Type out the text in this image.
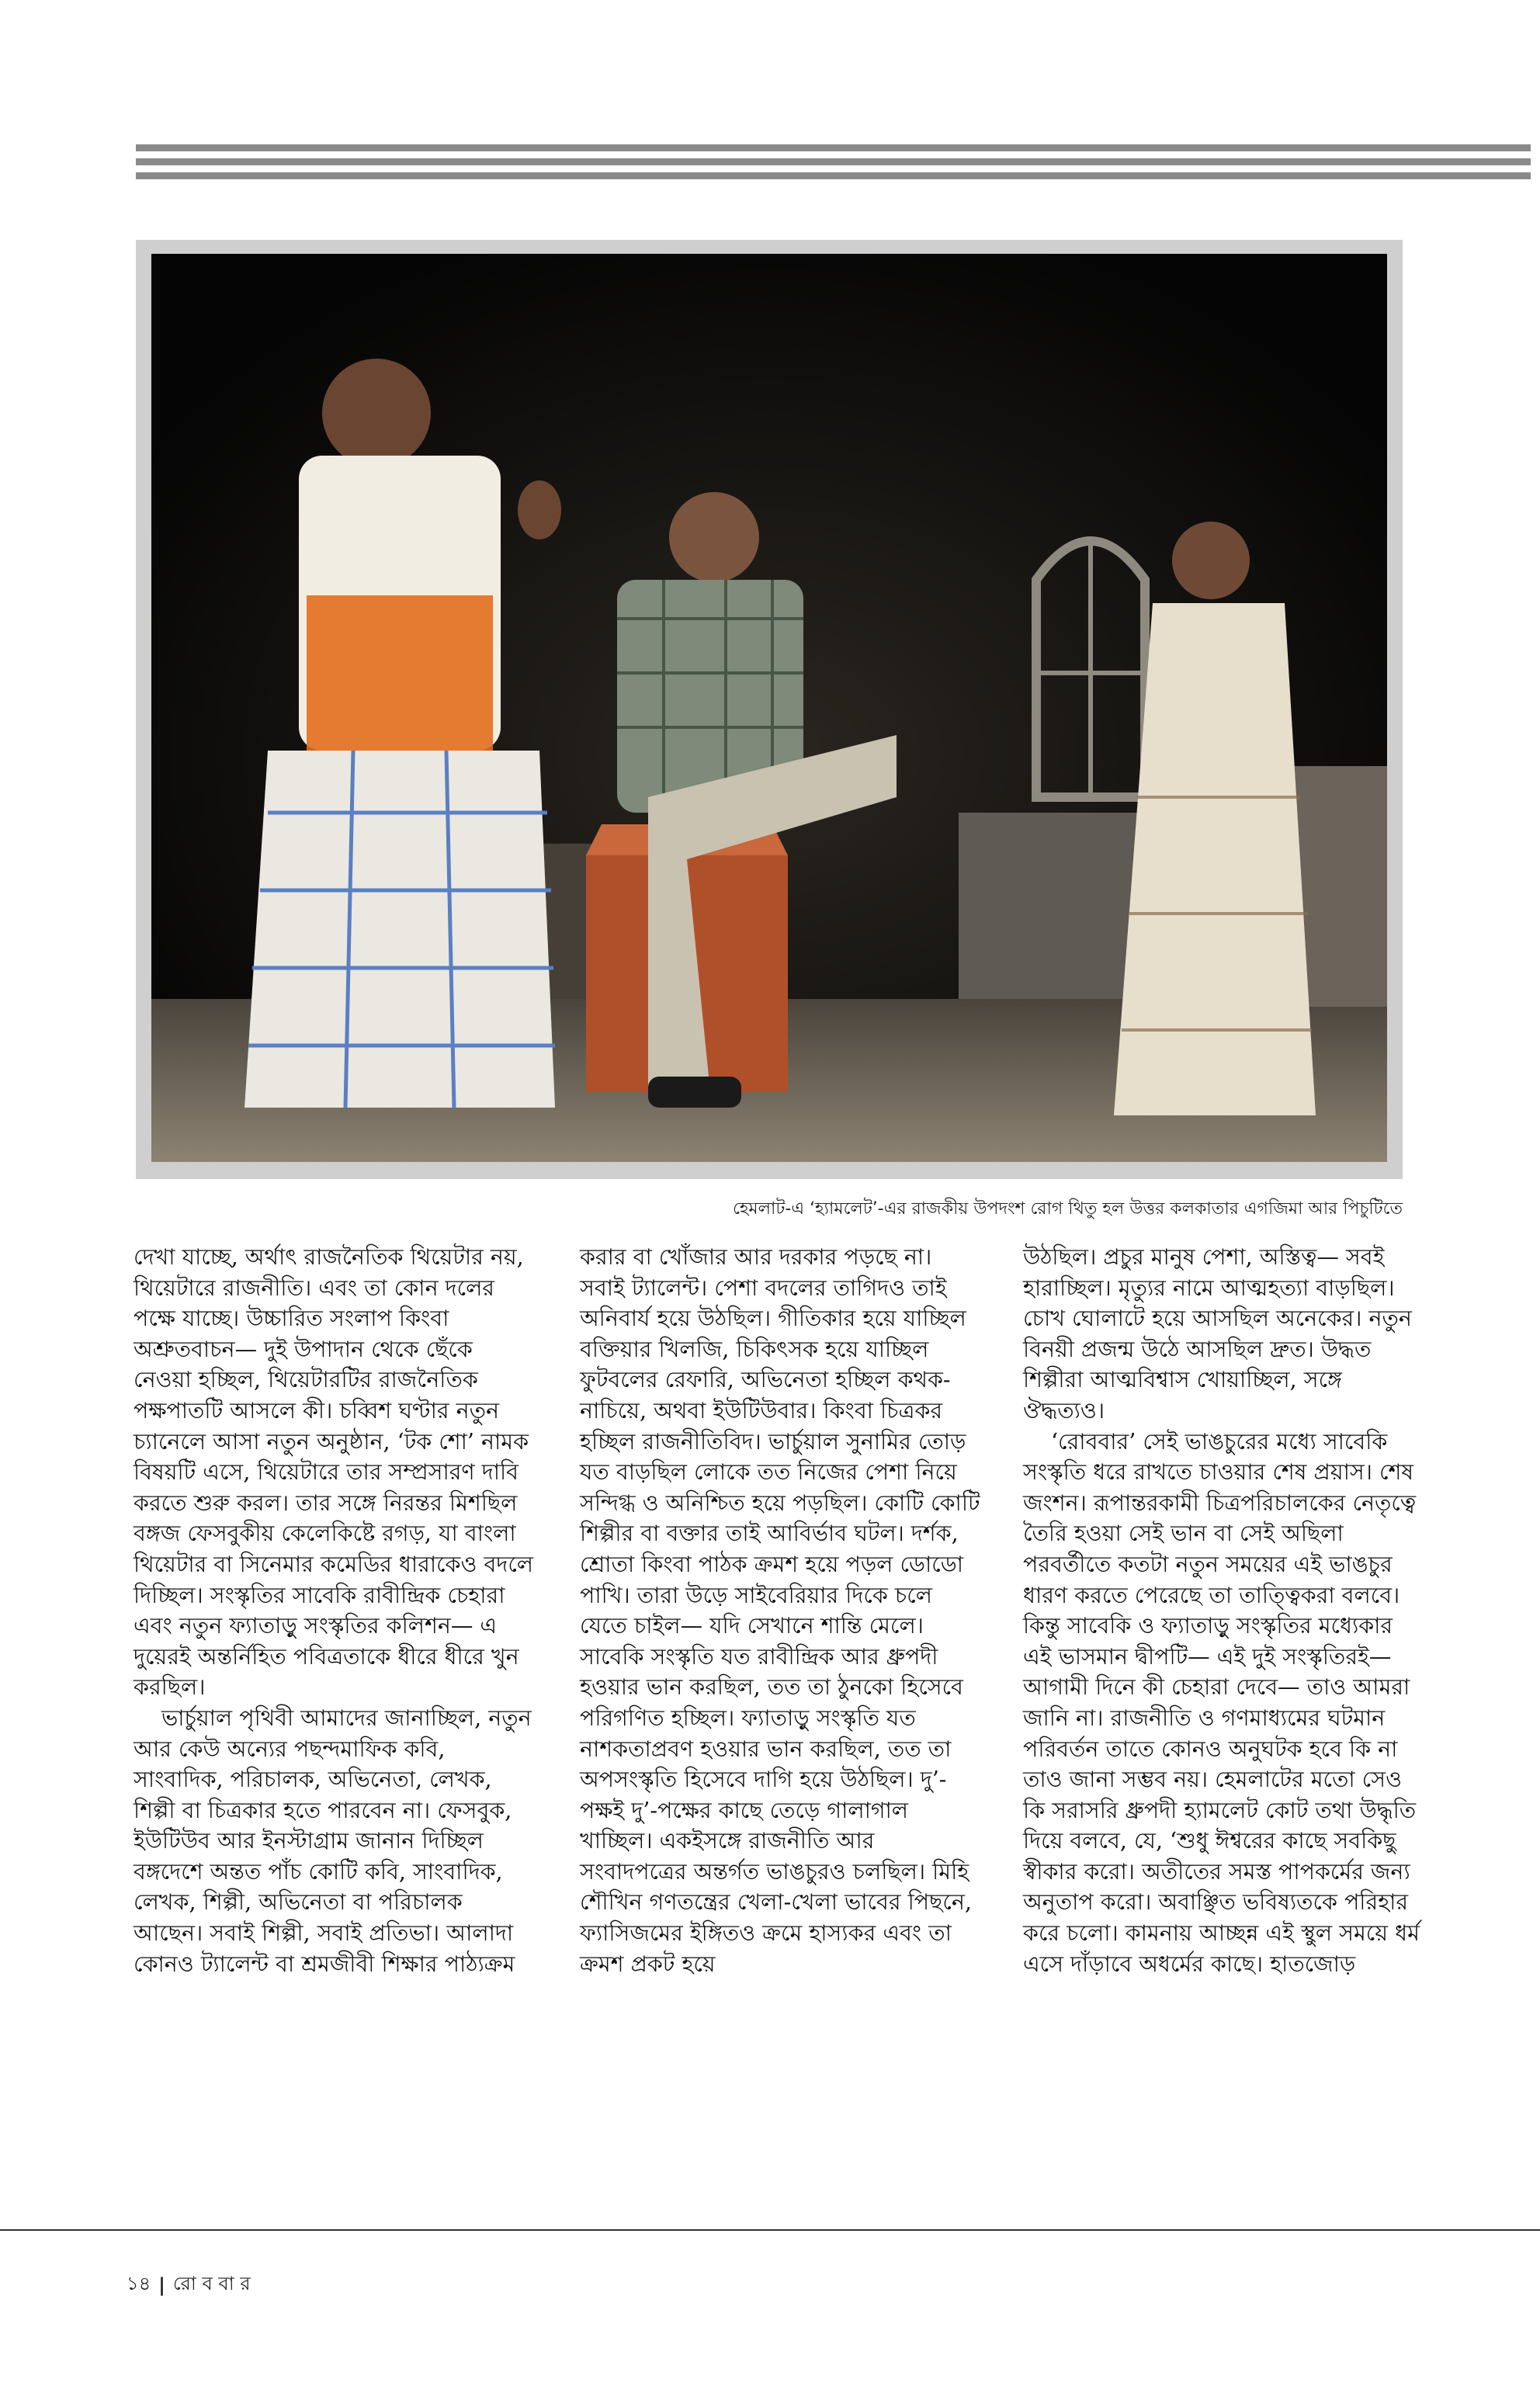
হেমলাট-এ ‘হ্যামলেট’-এর রাজকীয় উপদংশ রোগ থিতু হল উত্তর কলকাতার এগজিমা আর পিচুটিতে

দেখা যাচ্ছে, অর্থাৎ রাজনৈতিক থিয়েটার নয়, থিয়েটারে রাজনীতি। এবং তা কোন দলের পক্ষে যাচ্ছে। উচ্চারিত সংলাপ কিংবা অশ্রুতবাচন— দুই উপাদান থেকে ছেঁকে নেওয়া হচ্ছিল, থিয়েটারটির রাজনৈতিক পক্ষপাতটি আসলে কী। চব্বিশ ঘণ্টার নতুন চ্যানেলে আসা নতুন অনুষ্ঠান, ‘টক শো’ নামক বিষয়টি এসে, থিয়েটারে তার সম্প্রসারণ দাবি করতে শুরু করল। তার সঙ্গে নিরন্তর মিশছিল বঙ্গজ ফেসবুকীয় কেলেকিষ্টে রগড়, যা বাংলা থিয়েটার বা সিনেমার কমেডির ধারাকেও বদলে দিচ্ছিল। সংস্কৃতির সাবেকি রাবীন্দ্রিক চেহারা এবং নতুন ফ্যাতাড়ু সংস্কৃতির কলিশন— এ দুয়েরই অন্তর্নিহিত পবিত্রতাকে ধীরে ধীরে খুন করছিল।

ভার্চুয়াল পৃথিবী আমাদের জানাচ্ছিল, নতুন আর কেউ অন্যের পছন্দমাফিক কবি, সাংবাদিক, পরিচালক, অভিনেতা, লেখক, শিল্পী বা চিত্রকার হতে পারবেন না। ফেসবুক, ইউটিউব আর ইনস্টাগ্রাম জানান দিচ্ছিল বঙ্গদেশে অন্তত পাঁচ কোটি কবি, সাংবাদিক, লেখক, শিল্পী, অভিনেতা বা পরিচালক আছেন। সবাই শিল্পী, সবাই প্রতিভা। আলাদা কোনও ট্যালেন্ট বা শ্রমজীবী শিক্ষার পাঠ্যক্রম

করার বা খোঁজার আর দরকার পড়ছে না। সবাই ট্যালেন্ট। পেশা বদলের তাগিদও তাই অনিবার্য হয়ে উঠছিল। গীতিকার হয়ে যাচ্ছিল বক্তিয়ার খিলজি, চিকিৎসক হয়ে যাচ্ছিল ফুটবলের রেফারি, অভিনেতা হচ্ছিল কথক-নাচিয়ে, অথবা ইউটিউবার। কিংবা চিত্রকর হচ্ছিল রাজনীতিবিদ। ভার্চুয়াল সুনামির তোড় যত বাড়ছিল লোকে তত নিজের পেশা নিয়ে সন্দিগ্ধ ও অনিশ্চিত হয়ে পড়ছিল। কোটি কোটি শিল্পীর বা বক্তার তাই আবির্ভাব ঘটল। দর্শক, শ্রোতা কিংবা পাঠক ক্রমশ হয়ে পড়ল ডোডো পাখি। তারা উড়ে সাইবেরিয়ার দিকে চলে যেতে চাইল— যদি সেখানে শান্তি মেলে। সাবেকি সংস্কৃতি যত রাবীন্দ্রিক আর ধ্রুপদী হওয়ার ভান করছিল, তত তা ঠুনকো হিসেবে পরিগণিত হচ্ছিল। ফ্যাতাড়ু সংস্কৃতি যত নাশকতাপ্রবণ হওয়ার ভান করছিল, তত তা অপসংস্কৃতি হিসেবে দাগি হয়ে উঠছিল। দু’-পক্ষই দু’-পক্ষের কাছে তেড়ে গালাগাল খাচ্ছিল। একইসঙ্গে রাজনীতি আর সংবাদপত্রের অন্তর্গত ভাঙচুরও চলছিল। মিহি শৌখিন গণতন্ত্রের খেলা-খেলা ভাবের পিছনে, ফ্যাসিজমের ইঙ্গিতও ক্রমে হাস্যকর এবং তা ক্রমশ প্রকট হয়ে

উঠছিল। প্রচুর মানুষ পেশা, অস্তিত্ব— সবই হারাচ্ছিল। মৃত্যুর নামে আত্মহত্যা বাড়ছিল। চোখ ঘোলাটে হয়ে আসছিল অনেকের। নতুন বিনয়ী প্রজন্ম উঠে আসছিল দ্রুত। উদ্ধত শিল্পীরা আত্মবিশ্বাস খোয়াচ্ছিল, সঙ্গে ঔদ্ধত্যও।

‘রোববার’ সেই ভাঙচুরের মধ্যে সাবেকি সংস্কৃতি ধরে রাখতে চাওয়ার শেষ প্রয়াস। শেষ জংশন। রূপান্তরকামী চিত্রপরিচালকের নেতৃত্বে তৈরি হওয়া সেই ভান বা সেই অছিলা পরবর্তীতে কতটা নতুন সময়ের এই ভাঙচুর ধারণ করতে পেরেছে তা তাত্ত্বিকরা বলবে। কিন্তু সাবেকি ও ফ্যাতাড়ু সংস্কৃতির মধ্যেকার এই ভাসমান দ্বীপটি— এই দুই সংস্কৃতিরই— আগামী দিনে কী চেহারা দেবে— তাও আমরা জানি না। রাজনীতি ও গণমাধ্যমের ঘটমান পরিবর্তন তাতে কোনও অনুঘটক হবে কি না তাও জানা সম্ভব নয়। হেমলাটের মতো সেও কি সরাসরি ধ্রুপদী হ্যামলেট কোট তথা উদ্ধৃতি দিয়ে বলবে, যে, ‘শুধু ঈশ্বরের কাছে সবকিছু স্বীকার করো। অতীতের সমস্ত পাপকর্মের জন্য অনুতাপ করো। অবাঞ্ছিত ভবিষ্যতকে পরিহার করে চলো। কামনায় আচ্ছন্ন এই স্থুল সময়ে ধর্ম এসে দাঁড়াবে অধর্মের কাছে। হাতজোড়

১৪ | রো ব বা র
